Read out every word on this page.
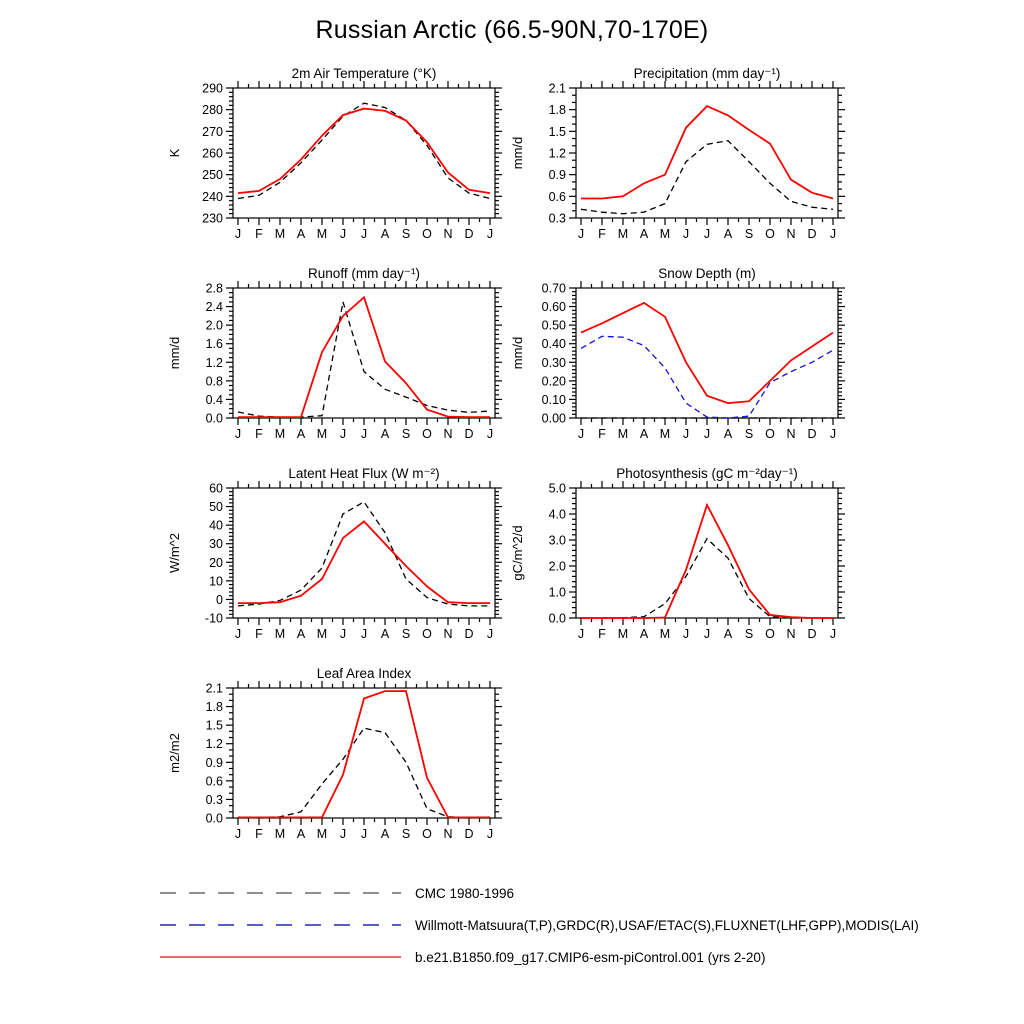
Russian Arctic (66.5-90N,70-170E)
2m Air Temperature (°K)
K
230
240
250
260
270
280
290
J F M A M J J A S O N D J
Precipitation (mm day⁻¹)
mm/d
0.3
0.6
0.9
1.2
1.5
1.8
2.1
J F M A M J J A S O N D J
Runoff (mm day⁻¹)
mm/d
0.0
0.4
0.8
1.2
1.6
2.0
2.4
2.8
J F M A M J J A S O N D J
Snow Depth (m)
mm/d
0.00
0.10
0.20
0.30
0.40
0.50
0.60
0.70
J F M A M J J A S O N D J
Latent Heat Flux (W m⁻²)
W/m^2
-10
0
10
20
30
40
50
60
J F M A M J J A S O N D J
Photosynthesis (gC m⁻²day⁻¹)
gC/m^2/d
0.0
1.0
2.0
3.0
4.0
5.0
J F M A M J J A S O N D J
Leaf Area Index
m2/m2
0.0
0.3
0.6
0.9
1.2
1.5
1.8
2.1
J F M A M J J A S O N D J
CMC 1980-1996
Willmott-Matsuura(T,P),GRDC(R),USAF/ETAC(S),FLUXNET(LHF,GPP),MODIS(LAI)
b.e21.B1850.f09_g17.CMIP6-esm-piControl.001 (yrs 2-20)
